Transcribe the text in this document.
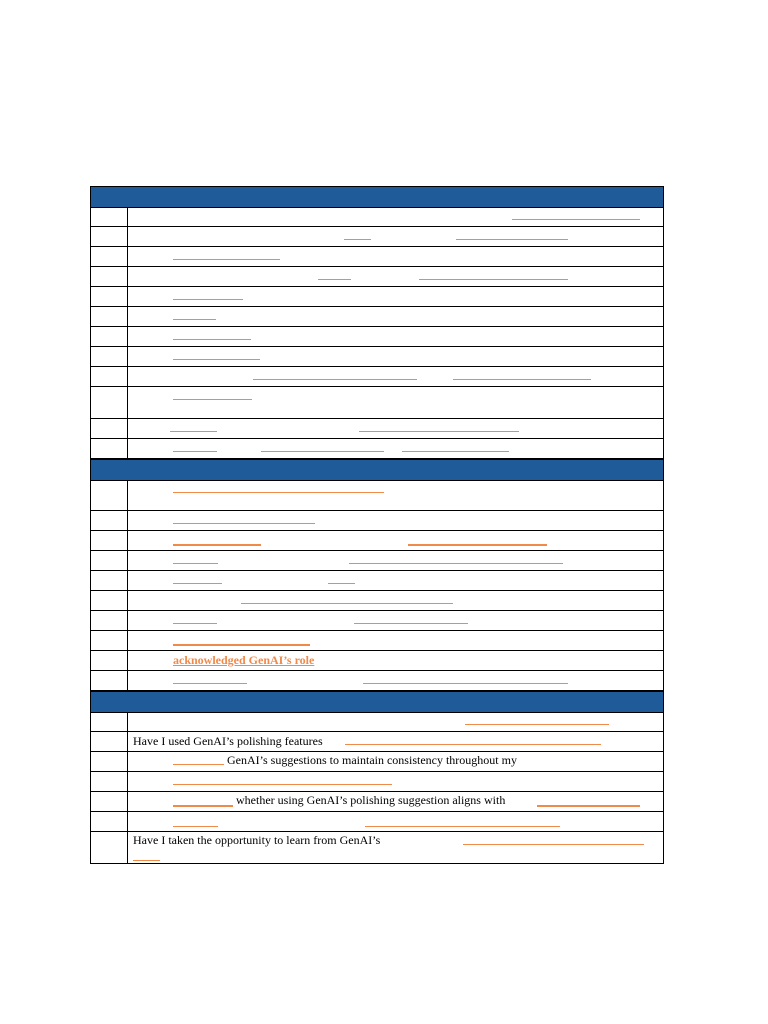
acknowledged GenAI’s role
Have I used GenAI’s polishing features
GenAI’s suggestions to maintain consistency throughout my
whether using GenAI’s polishing suggestion aligns with
Have I taken the opportunity to learn from GenAI’s
